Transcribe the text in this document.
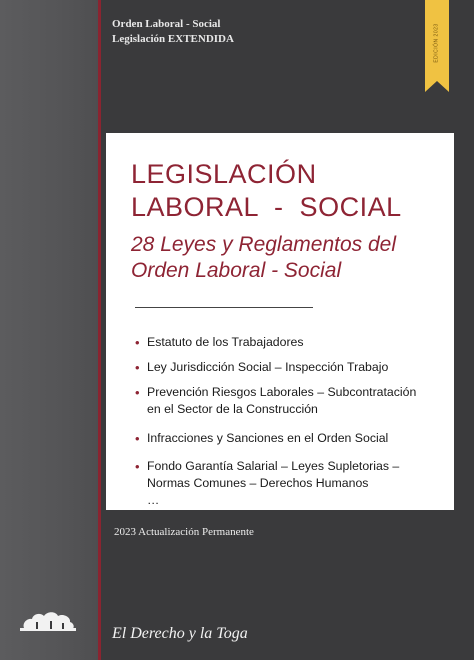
Orden Laboral - Social
Legislación EXTENDIDA	EDICIÓN 2023
LEGISLACIÓN
LABORAL  -  SOCIAL
28 Leyes y Reglamentos del
Orden Laboral - Social
• Estatuto de los Trabajadores
• Ley Jurisdicción Social – Inspección Trabajo
• Prevención Riesgos Laborales – Subcontratación
en el Sector de la Construcción
• Infracciones y Sanciones en el Orden Social
• Fondo Garantía Salarial – Leyes Supletorias –
Normas Comunes – Derechos Humanos
…
2023 Actualización Permanente
El Derecho y la Toga
